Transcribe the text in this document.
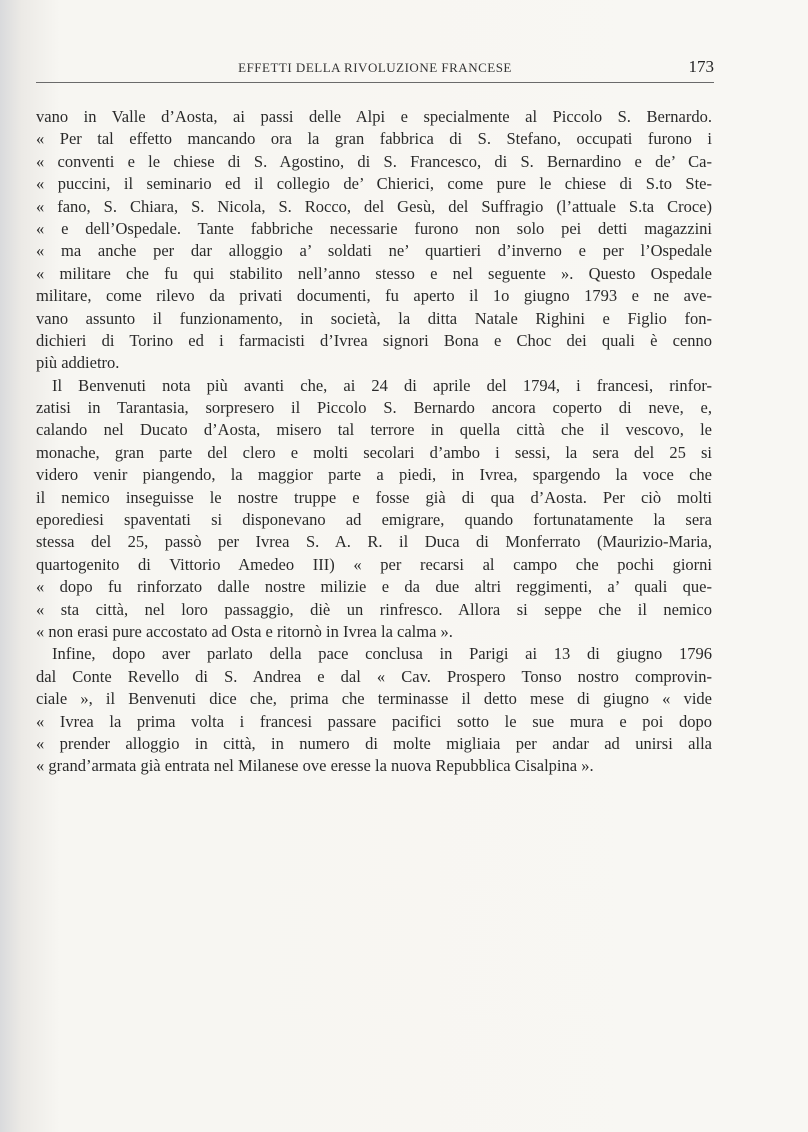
EFFETTI DELLA RIVOLUZIONE FRANCESE	173
vano in Valle d’Aosta, ai passi delle Alpi e specialmente al Piccolo S. Bernardo.
« Per tal effetto mancando ora la gran fabbrica di S. Stefano, occupati furono i
« conventi e le chiese di S. Agostino, di S. Francesco, di S. Bernardino e de’ Ca-
« puccini, il seminario ed il collegio de’ Chierici, come pure le chiese di S.to Ste-
« fano, S. Chiara, S. Nicola, S. Rocco, del Gesù, del Suffragio (l’attuale S.ta Croce)
« e dell’Ospedale. Tante fabbriche necessarie furono non solo pei detti magazzini
« ma anche per dar alloggio a’ soldati ne’ quartieri d’inverno e per l’Ospedale
« militare che fu qui stabilito nell’anno stesso e nel seguente ». Questo Ospedale
militare, come rilevo da privati documenti, fu aperto il 1o giugno 1793 e ne ave-
vano assunto il funzionamento, in società, la ditta Natale Righini e Figlio fon-
dichieri di Torino ed i farmacisti d’Ivrea signori Bona e Choc dei quali è cenno
più addietro.
Il Benvenuti nota più avanti che, ai 24 di aprile del 1794, i francesi, rinfor-
zatisi in Tarantasia, sorpresero il Piccolo S. Bernardo ancora coperto di neve, e,
calando nel Ducato d’Aosta, misero tal terrore in quella città che il vescovo, le
monache, gran parte del clero e molti secolari d’ambo i sessi, la sera del 25 si
videro venir piangendo, la maggior parte a piedi, in Ivrea, spargendo la voce che
il nemico inseguisse le nostre truppe e fosse già di qua d’Aosta. Per ciò molti
eporediesi spaventati si disponevano ad emigrare, quando fortunatamente la sera
stessa del 25, passò per Ivrea S. A. R. il Duca di Monferrato (Maurizio-Maria,
quartogenito di Vittorio Amedeo III) « per recarsi al campo che pochi giorni
« dopo fu rinforzato dalle nostre milizie e da due altri reggimenti, a’ quali que-
« sta città, nel loro passaggio, diè un rinfresco. Allora si seppe che il nemico
« non erasi pure accostato ad Osta e ritornò in Ivrea la calma ».
Infine, dopo aver parlato della pace conclusa in Parigi ai 13 di giugno 1796
dal Conte Revello di S. Andrea e dal « Cav. Prospero Tonso nostro comprovin-
ciale », il Benvenuti dice che, prima che terminasse il detto mese di giugno « vide
« Ivrea la prima volta i francesi passare pacifici sotto le sue mura e poi dopo
« prender alloggio in città, in numero di molte migliaia per andar ad unirsi alla
« grand’armata già entrata nel Milanese ove eresse la nuova Repubblica Cisalpina ».
